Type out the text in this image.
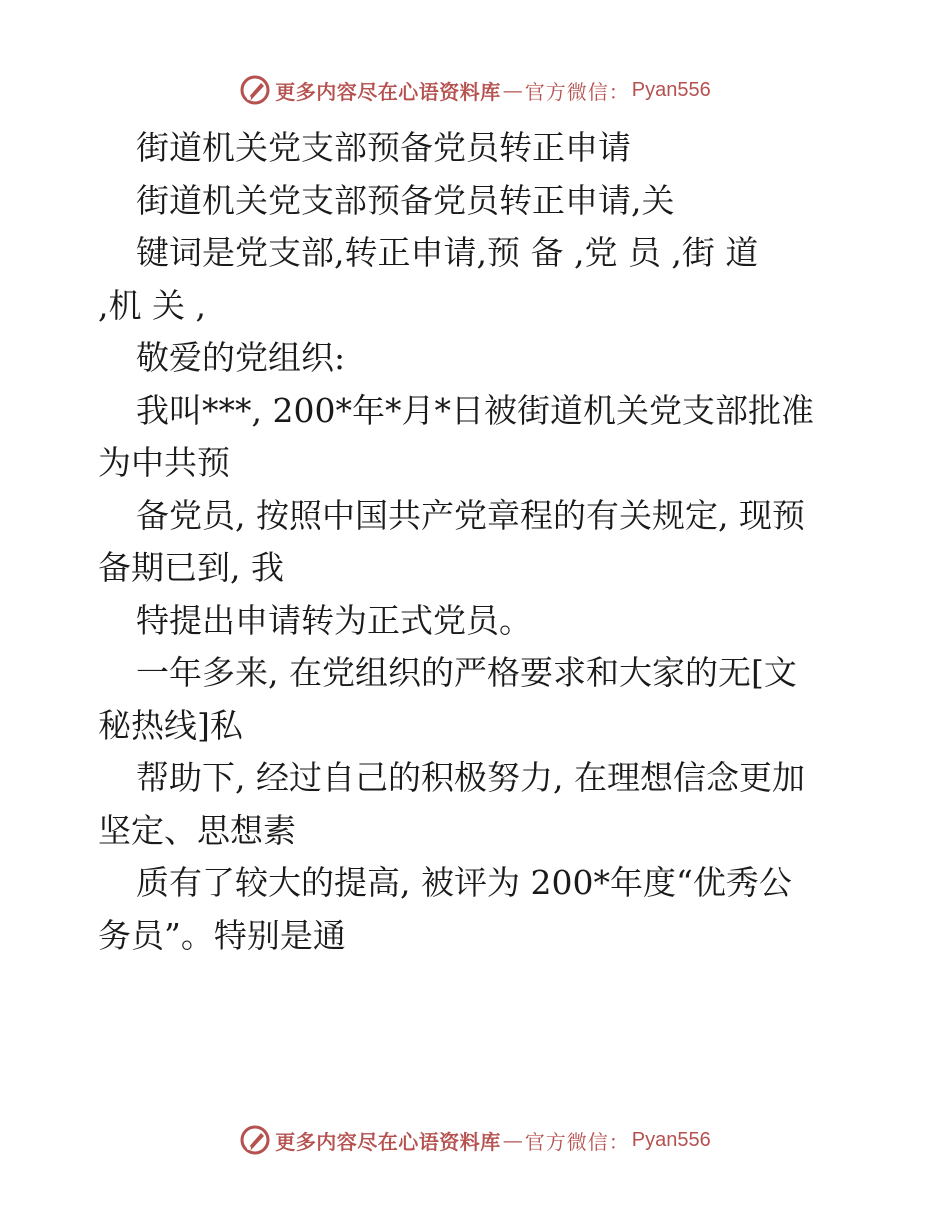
更多内容尽在心语资料库 — 官方微信： Pyan556
街道机关党支部预备党员转正申请
街道机关党支部预备党员转正申请,关
键词是党支部,转正申请,预 备 ,党 员 ,街 道
,机 关 ,
敬爱的党组织:
我叫***, 200*年*月*日被街道机关党支部批准
为中共预
备党员, 按照中国共产党章程的有关规定, 现预
备期已到, 我
特提出申请转为正式党员。
一年多来, 在党组织的严格要求和大家的无[文
秘热线]私
帮助下, 经过自己的积极努力, 在理想信念更加
坚定、思想素
质有了较大的提高, 被评为 200*年度“优秀公
务员”。特别是通
更多内容尽在心语资料库 — 官方微信： Pyan556
